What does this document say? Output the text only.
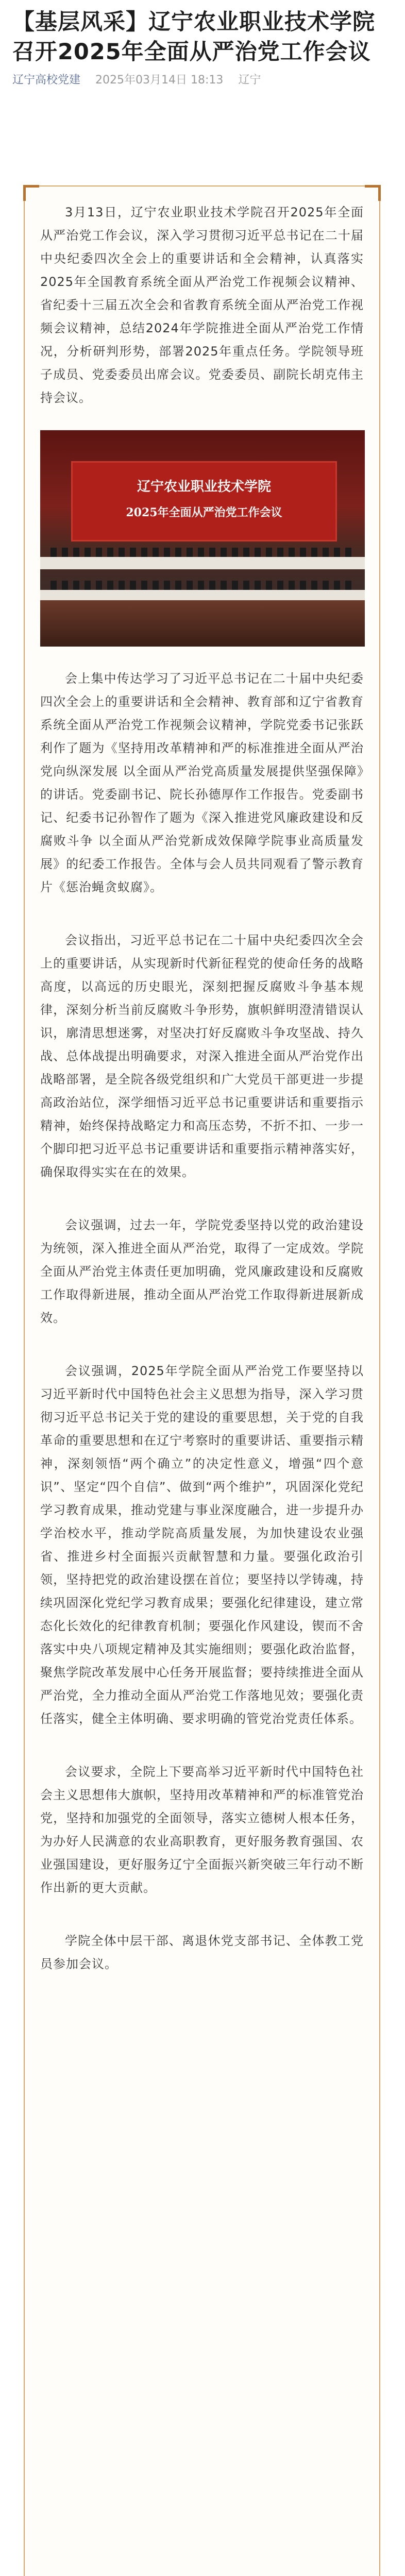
【基层风采】辽宁农业职业技术学院召开2025年全面从严治党工作会议
辽宁高校党建 2025年03月14日 18:13 辽宁

3月13日，辽宁农业职业技术学院召开2025年全面从严治党工作会议，深入学习贯彻习近平总书记在二十届中央纪委四次全会上的重要讲话和全会精神，认真落实2025年全国教育系统全面从严治党工作视频会议精神、省纪委十三届五次全会和省教育系统全面从严治党工作视频会议精神，总结2024年学院推进全面从严治党工作情况，分析研判形势，部署2025年重点任务。学院领导班子成员、党委委员出席会议。党委委员、副院长胡克伟主持会议。

辽宁农业职业技术学院
2025年全面从严治党工作会议

会上集中传达学习了习近平总书记在二十届中央纪委四次全会上的重要讲话和全会精神、教育部和辽宁省教育系统全面从严治党工作视频会议精神，学院党委书记张跃利作了题为《坚持用改革精神和严的标准推进全面从严治党向纵深发展 以全面从严治党高质量发展提供坚强保障》的讲话。党委副书记、院长孙德厚作工作报告。党委副书记、纪委书记孙智作了题为《深入推进党风廉政建设和反腐败斗争 以全面从严治党新成效保障学院事业高质量发展》的纪委工作报告。全体与会人员共同观看了警示教育片《惩治蝇贪蚁腐》。

会议指出，习近平总书记在二十届中央纪委四次全会上的重要讲话，从实现新时代新征程党的使命任务的战略高度，以高远的历史眼光，深刻把握反腐败斗争基本规律，深刻分析当前反腐败斗争形势，旗帜鲜明澄清错误认识，廓清思想迷雾，对坚决打好反腐败斗争攻坚战、持久战、总体战提出明确要求，对深入推进全面从严治党作出战略部署，是全院各级党组织和广大党员干部更进一步提高政治站位，深学细悟习近平总书记重要讲话和重要指示精神，始终保持战略定力和高压态势，不折不扣、一步一个脚印把习近平总书记重要讲话和重要指示精神落实好，确保取得实实在在的效果。

会议强调，过去一年，学院党委坚持以党的政治建设为统领，深入推进全面从严治党，取得了一定成效。学院全面从严治党主体责任更加明确，党风廉政建设和反腐败工作取得新进展，推动全面从严治党工作取得新进展新成效。

会议强调，2025年学院全面从严治党工作要坚持以习近平新时代中国特色社会主义思想为指导，深入学习贯彻习近平总书记关于党的建设的重要思想，关于党的自我革命的重要思想和在辽宁考察时的重要讲话、重要指示精神，深刻领悟“两个确立”的决定性意义，增强“四个意识”、坚定“四个自信”、做到“两个维护”，巩固深化党纪学习教育成果，推动党建与事业深度融合，进一步提升办学治校水平，推动学院高质量发展，为加快建设农业强省、推进乡村全面振兴贡献智慧和力量。要强化政治引领，坚持把党的政治建设摆在首位；要坚持以学铸魂，持续巩固深化党纪学习教育成果；要强化纪律建设，建立常态化长效化的纪律教育机制；要强化作风建设，锲而不舍落实中央八项规定精神及其实施细则；要强化政治监督，聚焦学院改革发展中心任务开展监督；要持续推进全面从严治党，全力推动全面从严治党工作落地见效；要强化责任落实，健全主体明确、要求明确的管党治党责任体系。

会议要求，全院上下要高举习近平新时代中国特色社会主义思想伟大旗帜，坚持用改革精神和严的标准管党治党，坚持和加强党的全面领导，落实立德树人根本任务，为办好人民满意的农业高职教育，更好服务教育强国、农业强国建设，更好服务辽宁全面振兴新突破三年行动不断作出新的更大贡献。

学院全体中层干部、离退休党支部书记、全体教工党员参加会议。
